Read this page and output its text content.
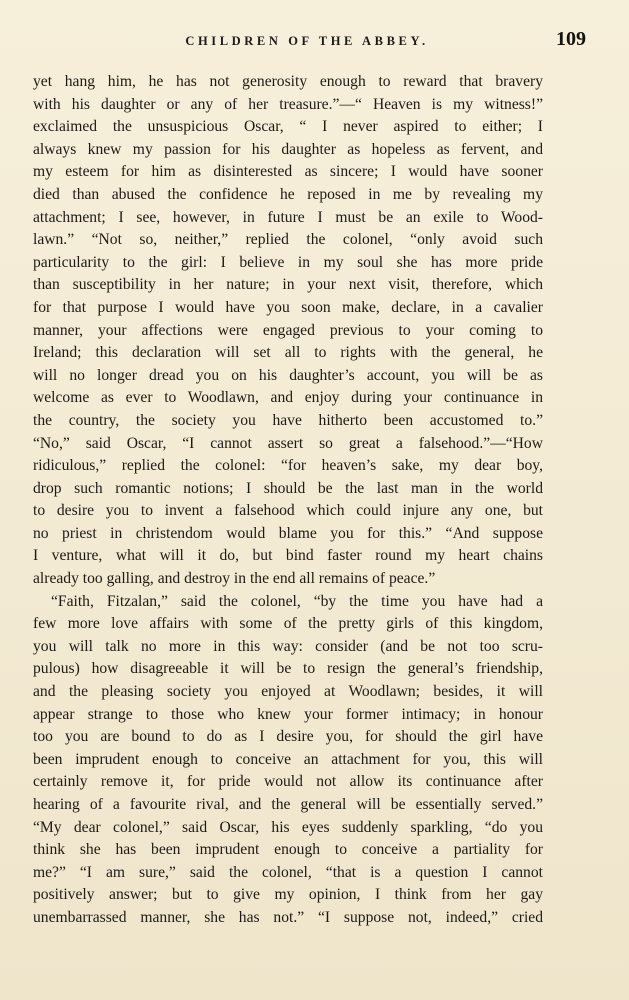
CHILDREN OF THE ABBEY.	109
yet hang him, he has not generosity enough to reward that bravery
with his daughter or any of her treasure.”—“ Heaven is my witness!”
exclaimed the unsuspicious Oscar, “ I never aspired to either; I
always knew my passion for his daughter as hopeless as fervent, and
my esteem for him as disinterested as sincere; I would have sooner
died than abused the confidence he reposed in me by revealing my
attachment; I see, however, in future I must be an exile to Wood-
lawn.” “Not so, neither,” replied the colonel, “only avoid such
particularity to the girl: I believe in my soul she has more pride
than susceptibility in her nature; in your next visit, therefore, which
for that purpose I would have you soon make, declare, in a cavalier
manner, your affections were engaged previous to your coming to
Ireland; this declaration will set all to rights with the general, he
will no longer dread you on his daughter’s account, you will be as
welcome as ever to Woodlawn, and enjoy during your continuance in
the country, the society you have hitherto been accustomed to.”
“No,” said Oscar, “I cannot assert so great a falsehood.”—“How
ridiculous,” replied the colonel: “for heaven’s sake, my dear boy,
drop such romantic notions; I should be the last man in the world
to desire you to invent a falsehood which could injure any one, but
no priest in christendom would blame you for this.” “And suppose
I venture, what will it do, but bind faster round my heart chains
already too galling, and destroy in the end all remains of peace.”
“Faith, Fitzalan,” said the colonel, “by the time you have had a
few more love affairs with some of the pretty girls of this kingdom,
you will talk no more in this way: consider (and be not too scru-
pulous) how disagreeable it will be to resign the general’s friendship,
and the pleasing society you enjoyed at Woodlawn; besides, it will
appear strange to those who knew your former intimacy; in honour
too you are bound to do as I desire you, for should the girl have
been imprudent enough to conceive an attachment for you, this will
certainly remove it, for pride would not allow its continuance after
hearing of a favourite rival, and the general will be essentially served.”
“My dear colonel,” said Oscar, his eyes suddenly sparkling, “do you
think she has been imprudent enough to conceive a partiality for
me?” “I am sure,” said the colonel, “that is a question I cannot
positively answer; but to give my opinion, I think from her gay
unembarrassed manner, she has not.” “I suppose not, indeed,” cried
